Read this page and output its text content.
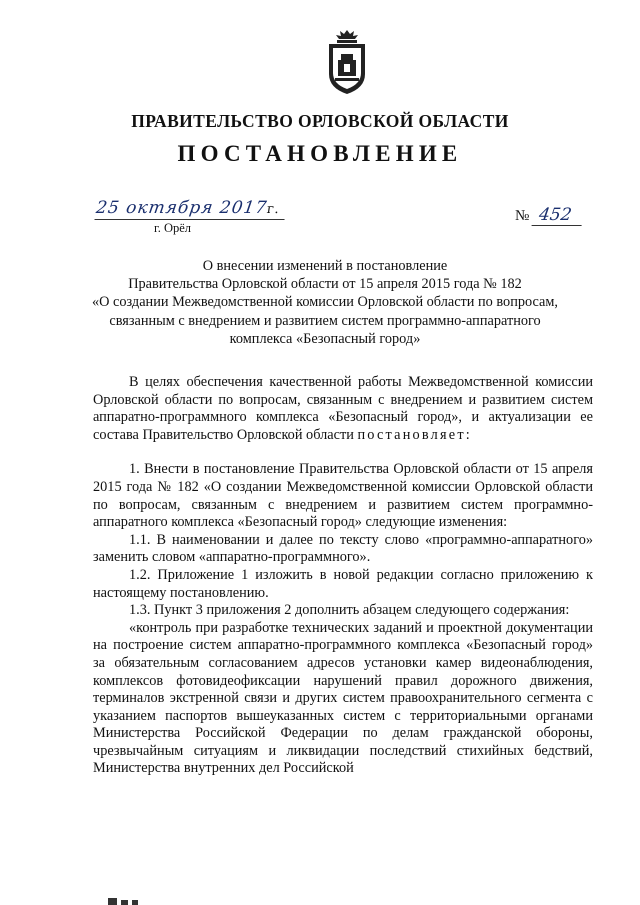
ПРАВИТЕЛЬСТВО ОРЛОВСКОЙ ОБЛАСТИ
ПОСТАНОВЛЕНИЕ
25 октября 2017г.
г. Орёл
№ 452
О внесении изменений в постановление
Правительства Орловской области от 15 апреля 2015 года № 182
«О создании Межведомственной комиссии Орловской области по вопросам,
связанным с внедрением и развитием систем программно-аппаратного
комплекса «Безопасный город»

В целях обеспечения качественной работы Межведомственной комиссии Орловской области по вопросам, связанным с внедрением и развитием систем аппаратно-программного комплекса «Безопасный город», и актуализации ее состава Правительство Орловской области постановляет:

1. Внести в постановление Правительства Орловской области от 15 апреля 2015 года № 182 «О создании Межведомственной комиссии Орловской области по вопросам, связанным с внедрением и развитием систем программно-аппаратного комплекса «Безопасный город» следующие изменения:

1.1. В наименовании и далее по тексту слово «программно-аппаратного» заменить словом «аппаратно-программного».

1.2. Приложение 1 изложить в новой редакции согласно приложению к настоящему постановлению.

1.3. Пункт 3 приложения 2 дополнить абзацем следующего содержания:

«контроль при разработке технических заданий и проектной документации на построение систем аппаратно-программного комплекса «Безопасный город» за обязательным согласованием адресов установки камер видеонаблюдения, комплексов фотовидеофиксации нарушений правил дорожного движения, терминалов экстренной связи и других систем правоохранительного сегмента с указанием паспортов вышеуказанных систем с территориальными органами Министерства Российской Федерации по делам гражданской обороны, чрезвычайным ситуациям и ликвидации последствий стихийных бедствий, Министерства внутренних дел Российской
